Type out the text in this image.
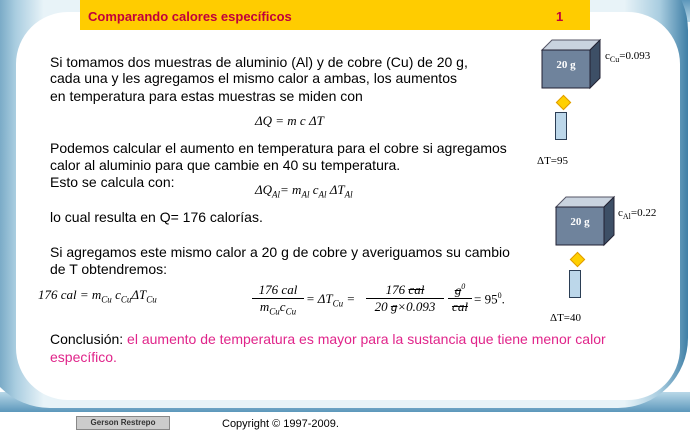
Comparando calores específicos	1
Si tomamos dos muestras de aluminio (Al) y de cobre (Cu) de 20 g,
cada una y les agregamos el mismo calor a ambas, los aumentos
en temperatura para estas muestras se miden con
ΔQ = m c ΔT
Podemos calcular el aumento en temperatura para el cobre si agregamos
calor al aluminio para que cambie en 40 su temperatura.
Esto se calcula con:	$\Delta Q_{Al}= m_{Al}$ $c_{Al}$ $\Delta T_{Al}$
lo cual resulta en Q= 176 calorías.
Si agregamos este mismo calor a 20 g de cobre y averiguamos su cambio
de T obtendremos:
176 cal = $m_{Cu}$ $c_{Cu}\Delta T_{Cu}$
176 cal
$m_{Cu}c_{Cu}$
= $\Delta T_{Cu}$ =
176 cal
20 g×0.093
$g^0$
cal
= $95^0$.
Conclusión: el aumento de temperatura es mayor para la sustancia que tiene menor calor específico.
20 g
$c_{Cu}=0.093$
ΔT=95
20 g
$c_{Al}=0.22$
ΔT=40
Gerson Restrepo	Copyright © 1997-2009.
